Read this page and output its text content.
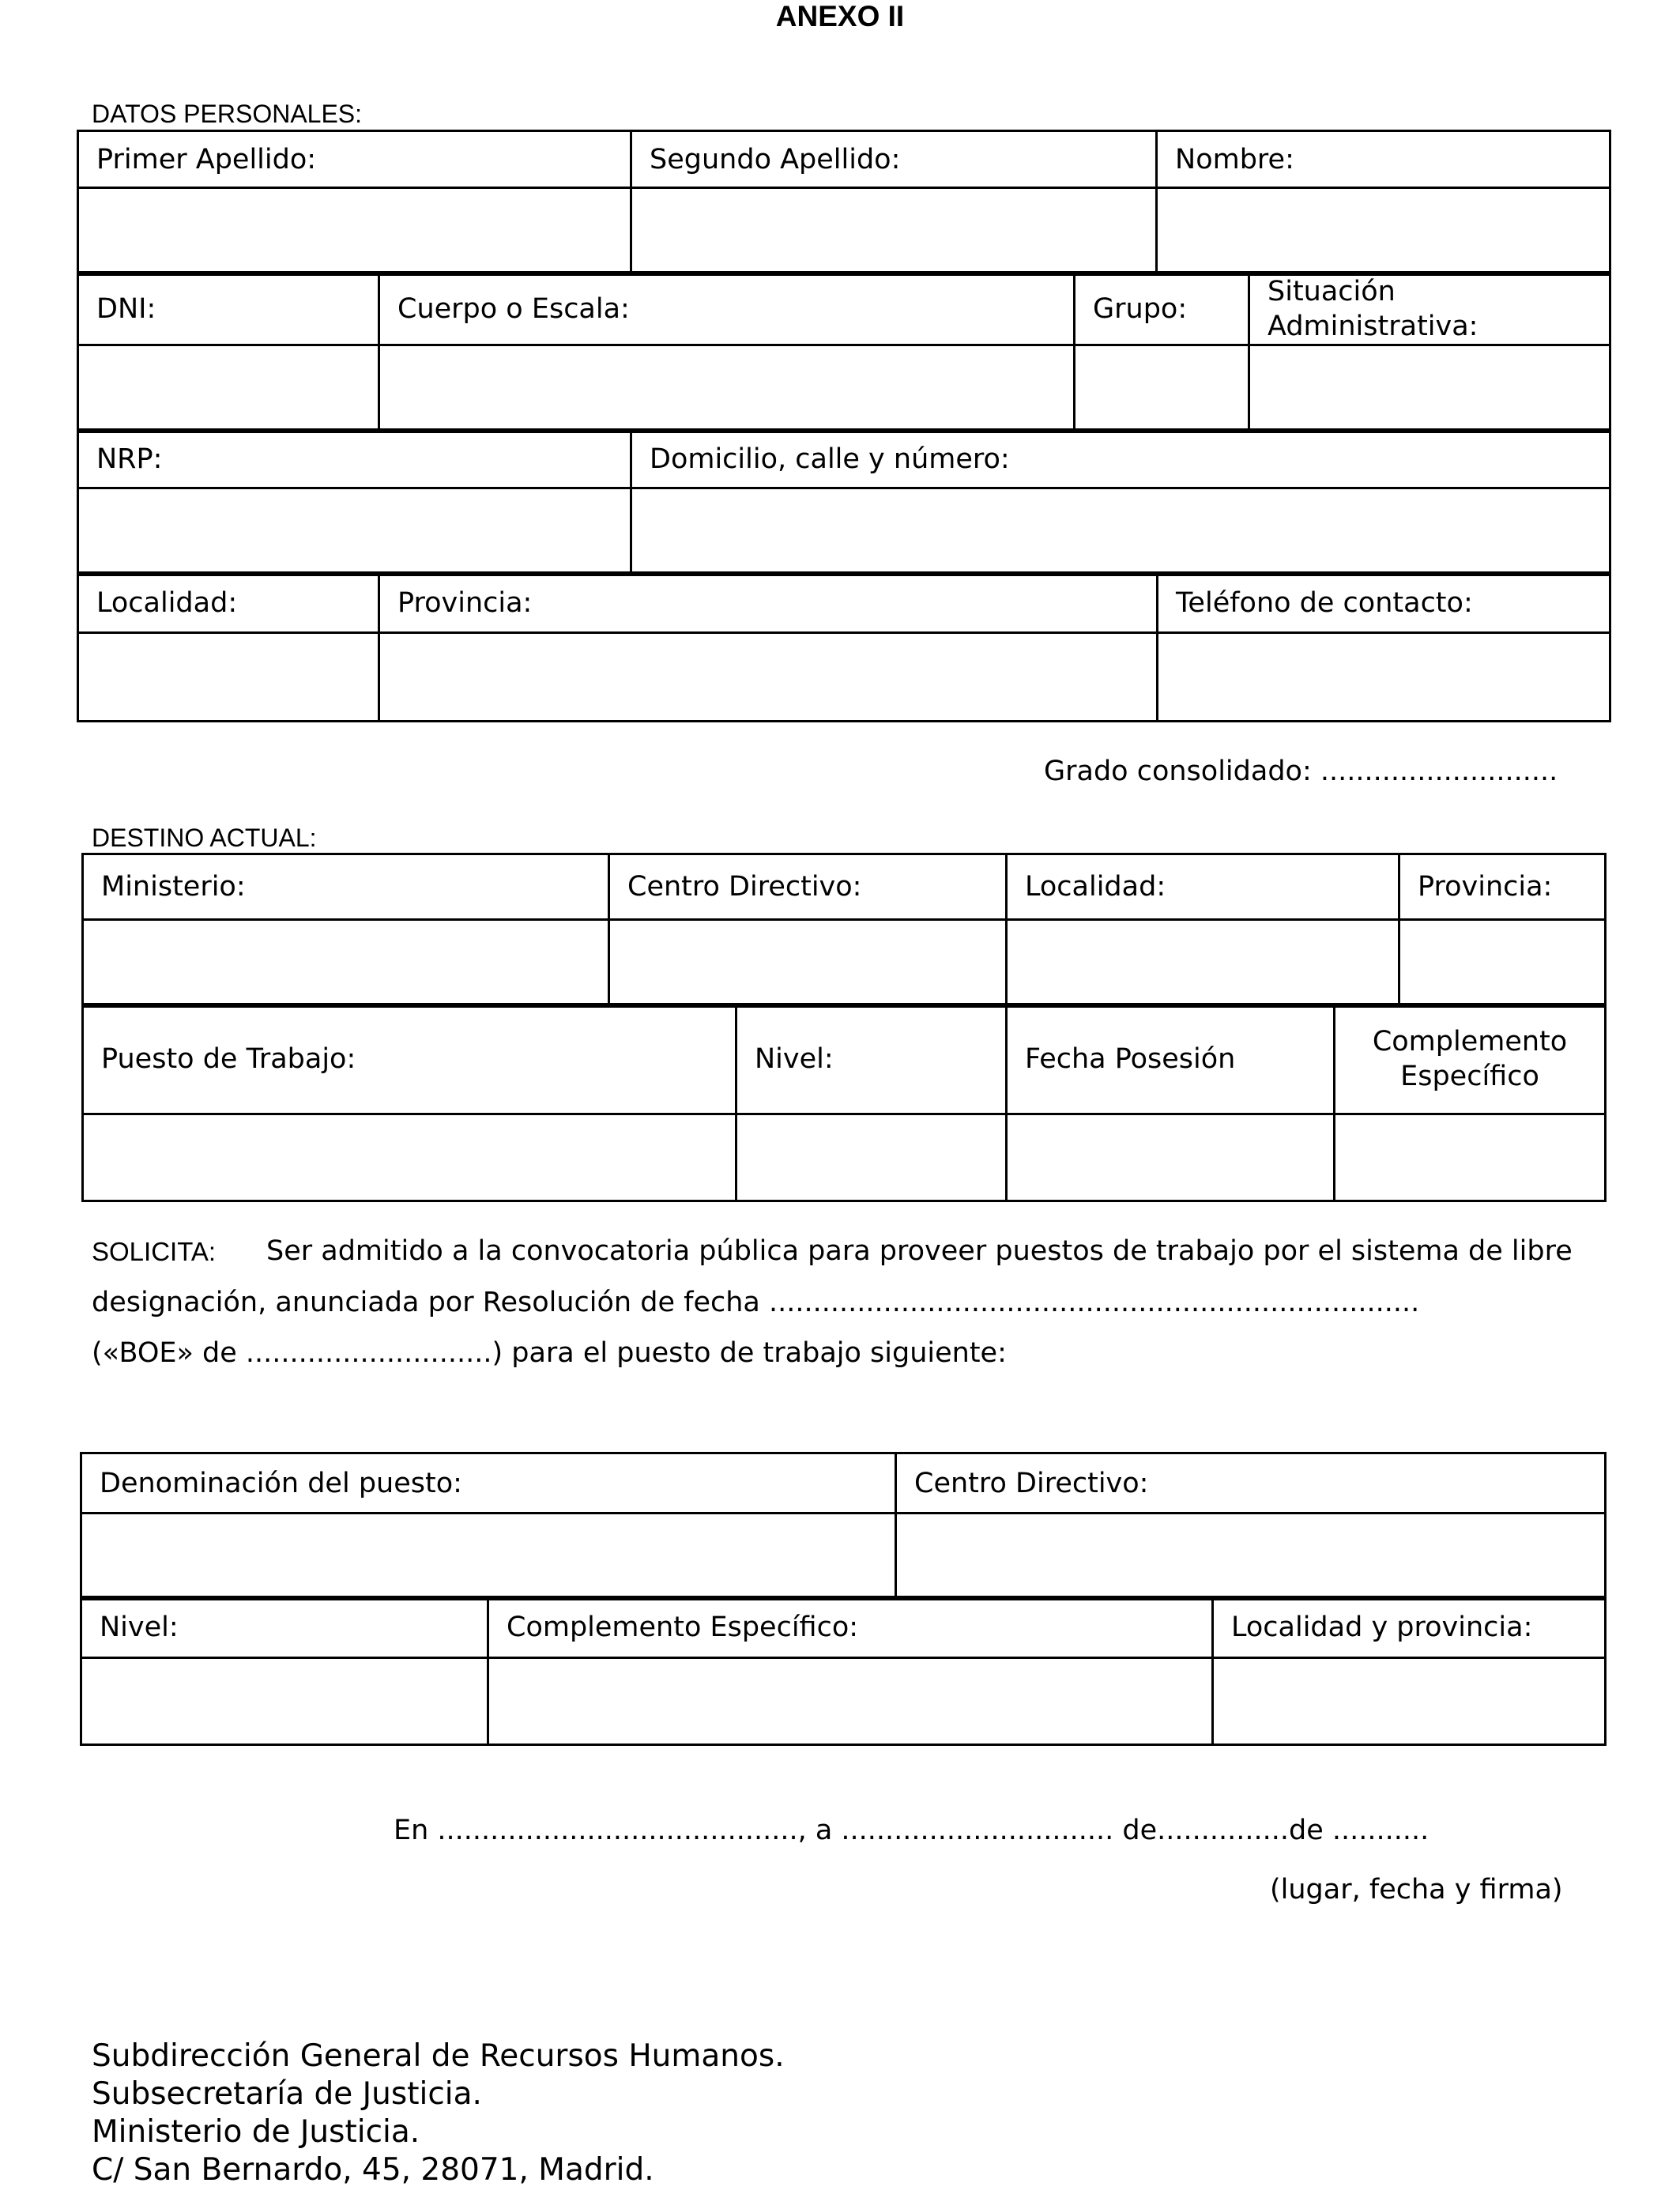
ANEXO II
DATOS PERSONALES:
Primer Apellido:	Segundo Apellido:	Nombre:

DNI:	Cuerpo o Escala:	Grupo:	Situación
Administrativa:

NRP:	Domicilio, calle y número:

Localidad:	Provincia:	Teléfono de contacto:

Grado consolidado: ...........................
DESTINO ACTUAL:
Ministerio:	Centro Directivo:	Localidad:	Provincia:

Puesto de Trabajo:	Nivel:	Fecha Posesión	Complemento
Específico

SOLICITA: Ser admitido a la convocatoria pública para proveer puestos de trabajo por el sistema de libre
designación, anunciada por Resolución de fecha ..........................................................................
(«BOE» de ............................) para el puesto de trabajo siguiente:
Denominación del puesto:	Centro Directivo:

Nivel:	Complemento Específico:	Localidad y provincia:

En ........................................., a ............................... de...............de ...........
(lugar, fecha y firma)
Subdirección General de Recursos Humanos.
Subsecretaría de Justicia.
Ministerio de Justicia.
C/ San Bernardo, 45, 28071, Madrid.
